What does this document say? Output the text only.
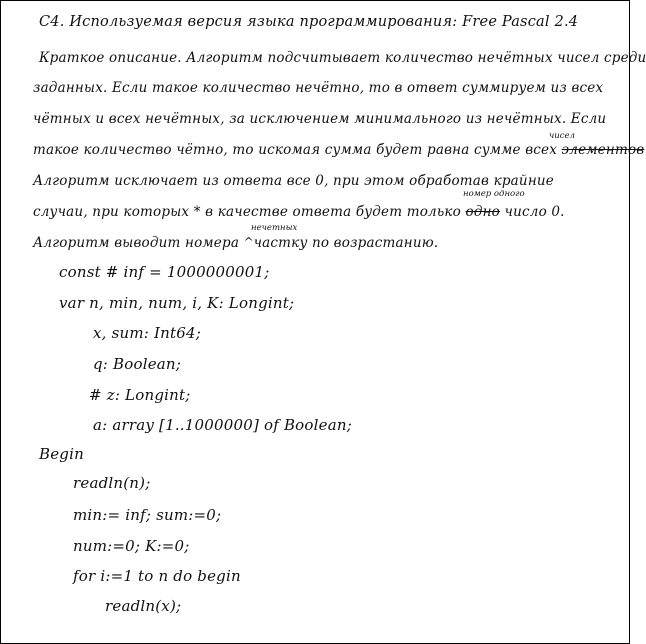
С4. Используемая версия языка программирования: Free Pascal 2.4
Краткое описание. Алгоритм подсчитывает количество нечётных чисел среди
заданных. Если такое количество нечётно, то в ответ суммируем из всех
чётных и всех нечётных, за исключением минимального из нечётных. Если
такое количество чётно, то искомая сумма будет равна сумме всех элементов
чисел
Алгоритм исключает из ответа все 0, при этом обработав крайние
случаи, при которых * в качестве ответа будет только одно число 0.
номер одного
Алгоритм выводит номера ^ частку по возрастанию.
нечетных
const # inf = 1000000001;
var n, min, num, i, K: Longint;
x, sum: Int64;
q: Boolean;
# z: Longint;
a: array [1..1000000] of Boolean;
Begin
readln(n);
min:= inf; sum:=0;
num:=0; K:=0;
for i:=1 to n do begin
readln(x);
